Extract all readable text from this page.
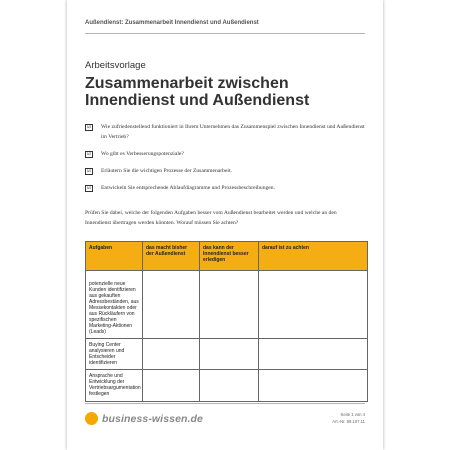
Außendienst: Zusammenarbeit Innendienst und Außendienst
Arbeitsvorlage
Zusammenarbeit zwischen
Innendienst und Außendienst
☑	Wie zufriedenstellend funktioniert in Ihrem Unternehmen das Zusammenspiel zwischen Innendienst und Außendienst im Vertrieb?
☑	Wo gibt es Verbesserungspotenziale?
☑	Erläutern Sie die wichtigen Prozesse der Zusammenarbeit.
☑	Entwickeln Sie entsprechende Ablaufdiagramme und Prozessbeschreibungen.
Prüfen Sie dabei, welche der folgenden Aufgaben besser vom Außendienst bearbeitet werden und welche an den Innendienst übertragen werden könnten. Worauf müssen Sie achten?
Aufgaben	das macht bisher der Außendienst	das kann der Innendienst besser erledigen	darauf ist zu achten

potenzielle neue Kunden identifizieren aus gekauften Adressbeständen, aus Messekontakten oder aus Rückläufern von spezifischen Marketing-Aktionen (Leads)			

Buying Center analysieren und Entscheider identifizieren			

Ansprache und Entwicklung der Vertriebsargumentation festlegen			

business-wissen.de	Seite 1 von 4
Art.-Nr. 99.107.11
